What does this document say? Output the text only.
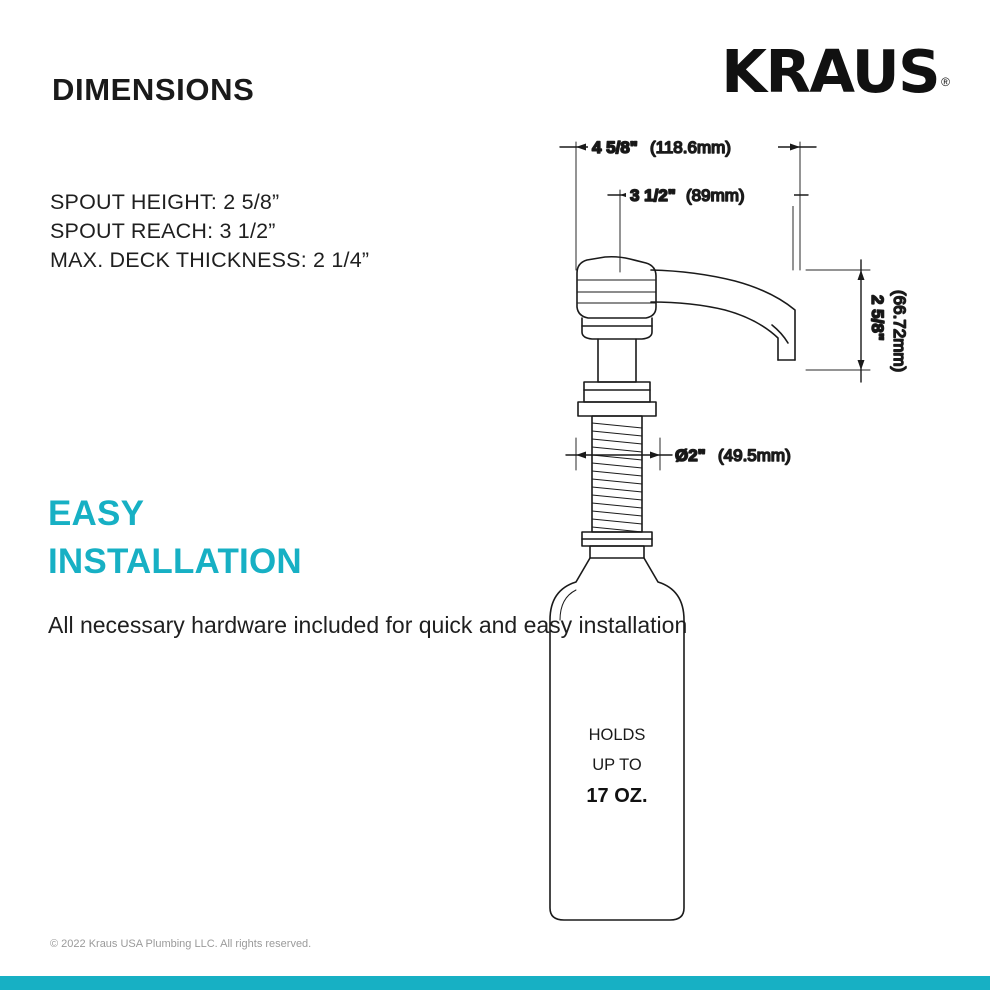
KRAUS ®
DIMENSIONS
SPOUT HEIGHT: 2 5/8”
SPOUT REACH: 3 1/2”
MAX. DECK THICKNESS: 2 1/4”
EASY
INSTALLATION
All necessary hardware included for quick and easy installation
© 2022 Kraus USA Plumbing LLC. All rights reserved.
4 5/8" (118.6mm)
3 1/2" (89mm)
2 5/8" (66.72mm)
Ø2" (49.5mm)
HOLDS
UP TO
17 OZ.
